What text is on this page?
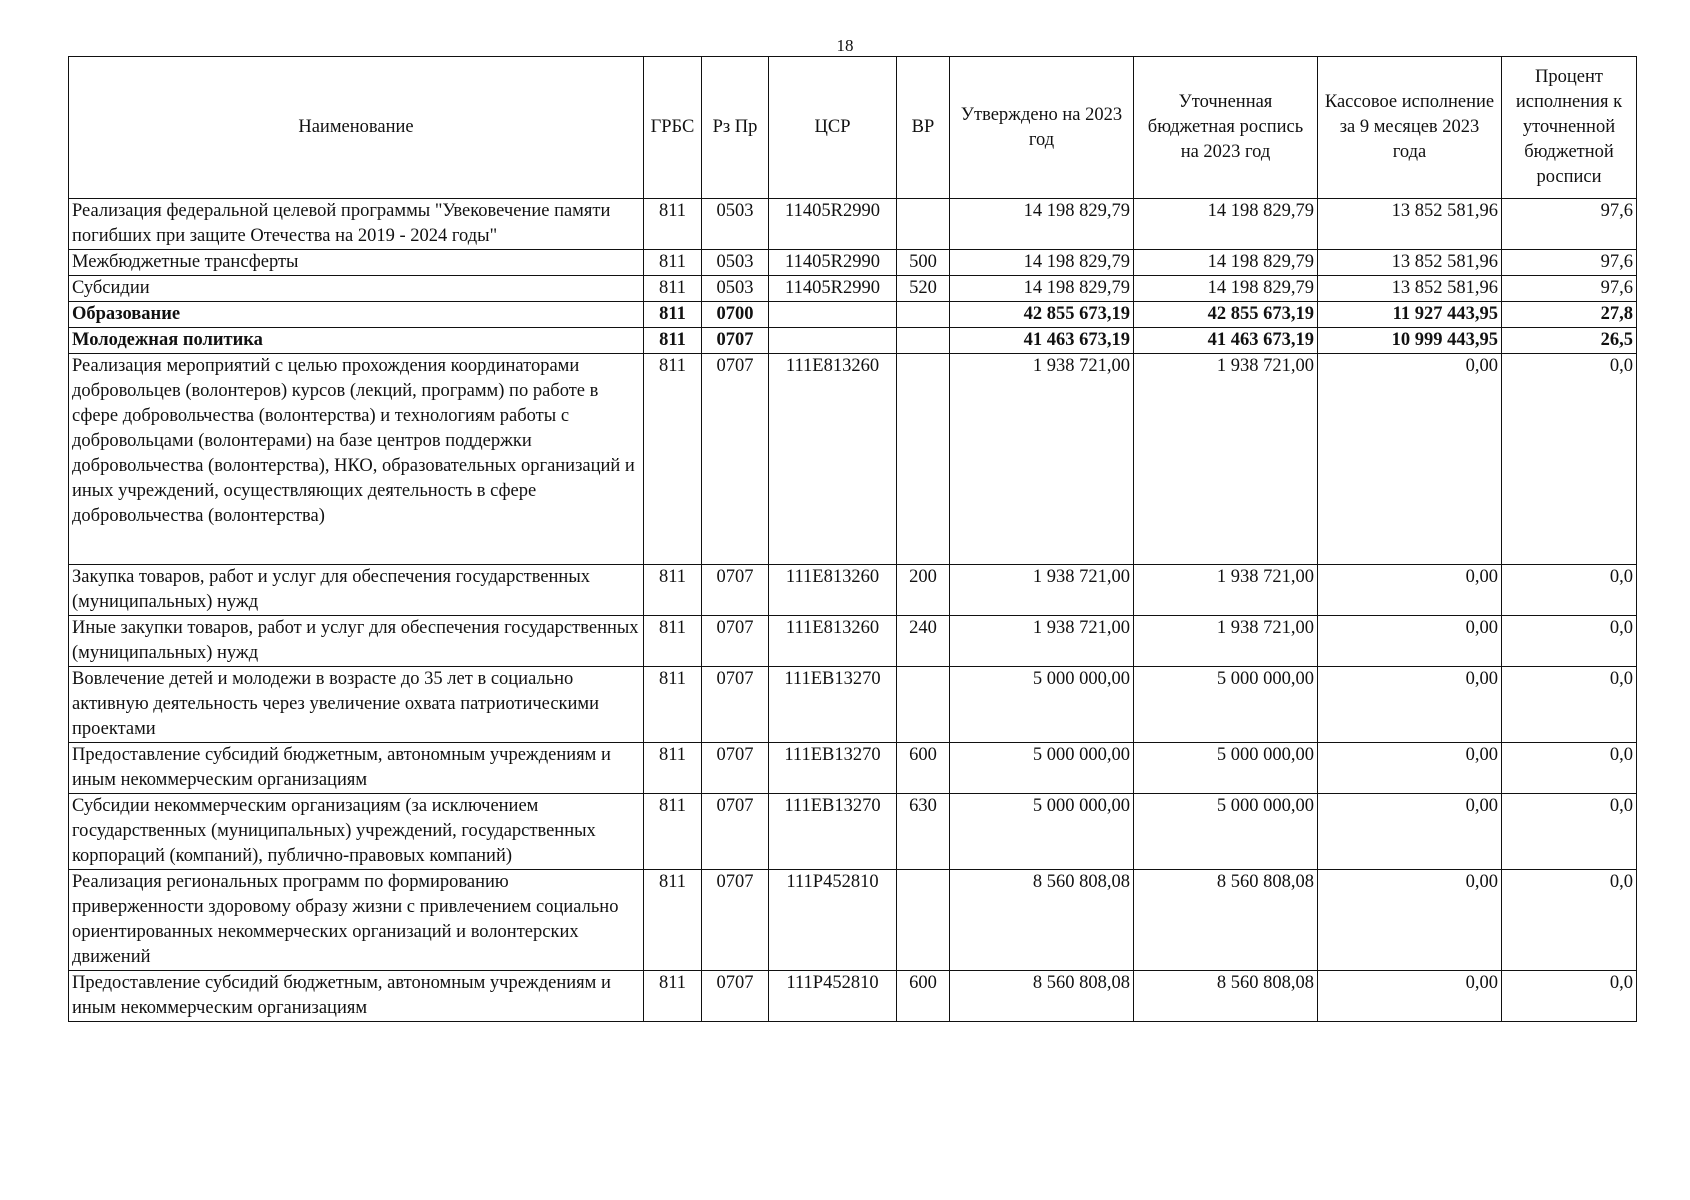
18
Наименование	ГРБС	Рз Пр	ЦСР	ВР	Утверждено на 2023 год	Уточненная бюджетная роспись на 2023 год	Кассовое исполнение за 9 месяцев 2023 года	Процент исполнения к уточненной бюджетной росписи
Реализация федеральной целевой программы "Увековечение памяти погибших при защите Отечества на 2019 - 2024 годы"	811	0503	11405R2990		14 198 829,79	14 198 829,79	13 852 581,96	97,6
Межбюджетные трансферты	811	0503	11405R2990	500	14 198 829,79	14 198 829,79	13 852 581,96	97,6
Субсидии	811	0503	11405R2990	520	14 198 829,79	14 198 829,79	13 852 581,96	97,6
Образование	811	0700			42 855 673,19	42 855 673,19	11 927 443,95	27,8
Молодежная политика	811	0707			41 463 673,19	41 463 673,19	10 999 443,95	26,5
Реализация мероприятий с целью прохождения координаторами добровольцев (волонтеров) курсов (лекций, программ) по работе в сфере добровольчества (волонтерства) и технологиям работы с добровольцами (волонтерами) на базе центров поддержки добровольчества (волонтерства), НКО, образовательных организаций и иных учреждений, осуществляющих деятельность в сфере добровольчества (волонтерства)	811	0707	111E813260		1 938 721,00	1 938 721,00	0,00	0,0
Закупка товаров, работ и услуг для обеспечения государственных (муниципальных) нужд	811	0707	111E813260	200	1 938 721,00	1 938 721,00	0,00	0,0
Иные закупки товаров, работ и услуг для обеспечения государственных (муниципальных) нужд	811	0707	111E813260	240	1 938 721,00	1 938 721,00	0,00	0,0
Вовлечение детей и молодежи в возрасте до 35 лет в социально активную деятельность через увеличение охвата патриотическими проектами	811	0707	111EB13270		5 000 000,00	5 000 000,00	0,00	0,0
Предоставление субсидий бюджетным, автономным учреждениям и иным некоммерческим организациям	811	0707	111EB13270	600	5 000 000,00	5 000 000,00	0,00	0,0
Субсидии некоммерческим организациям (за исключением государственных (муниципальных) учреждений, государственных корпораций (компаний), публично-правовых компаний)	811	0707	111EB13270	630	5 000 000,00	5 000 000,00	0,00	0,0
Реализация региональных программ по формированию приверженности здоровому образу жизни с привлечением социально ориентированных некоммерческих организаций и волонтерских движений	811	0707	111P452810		8 560 808,08	8 560 808,08	0,00	0,0
Предоставление субсидий бюджетным, автономным учреждениям и иным некоммерческим организациям	811	0707	111P452810	600	8 560 808,08	8 560 808,08	0,00	0,0
